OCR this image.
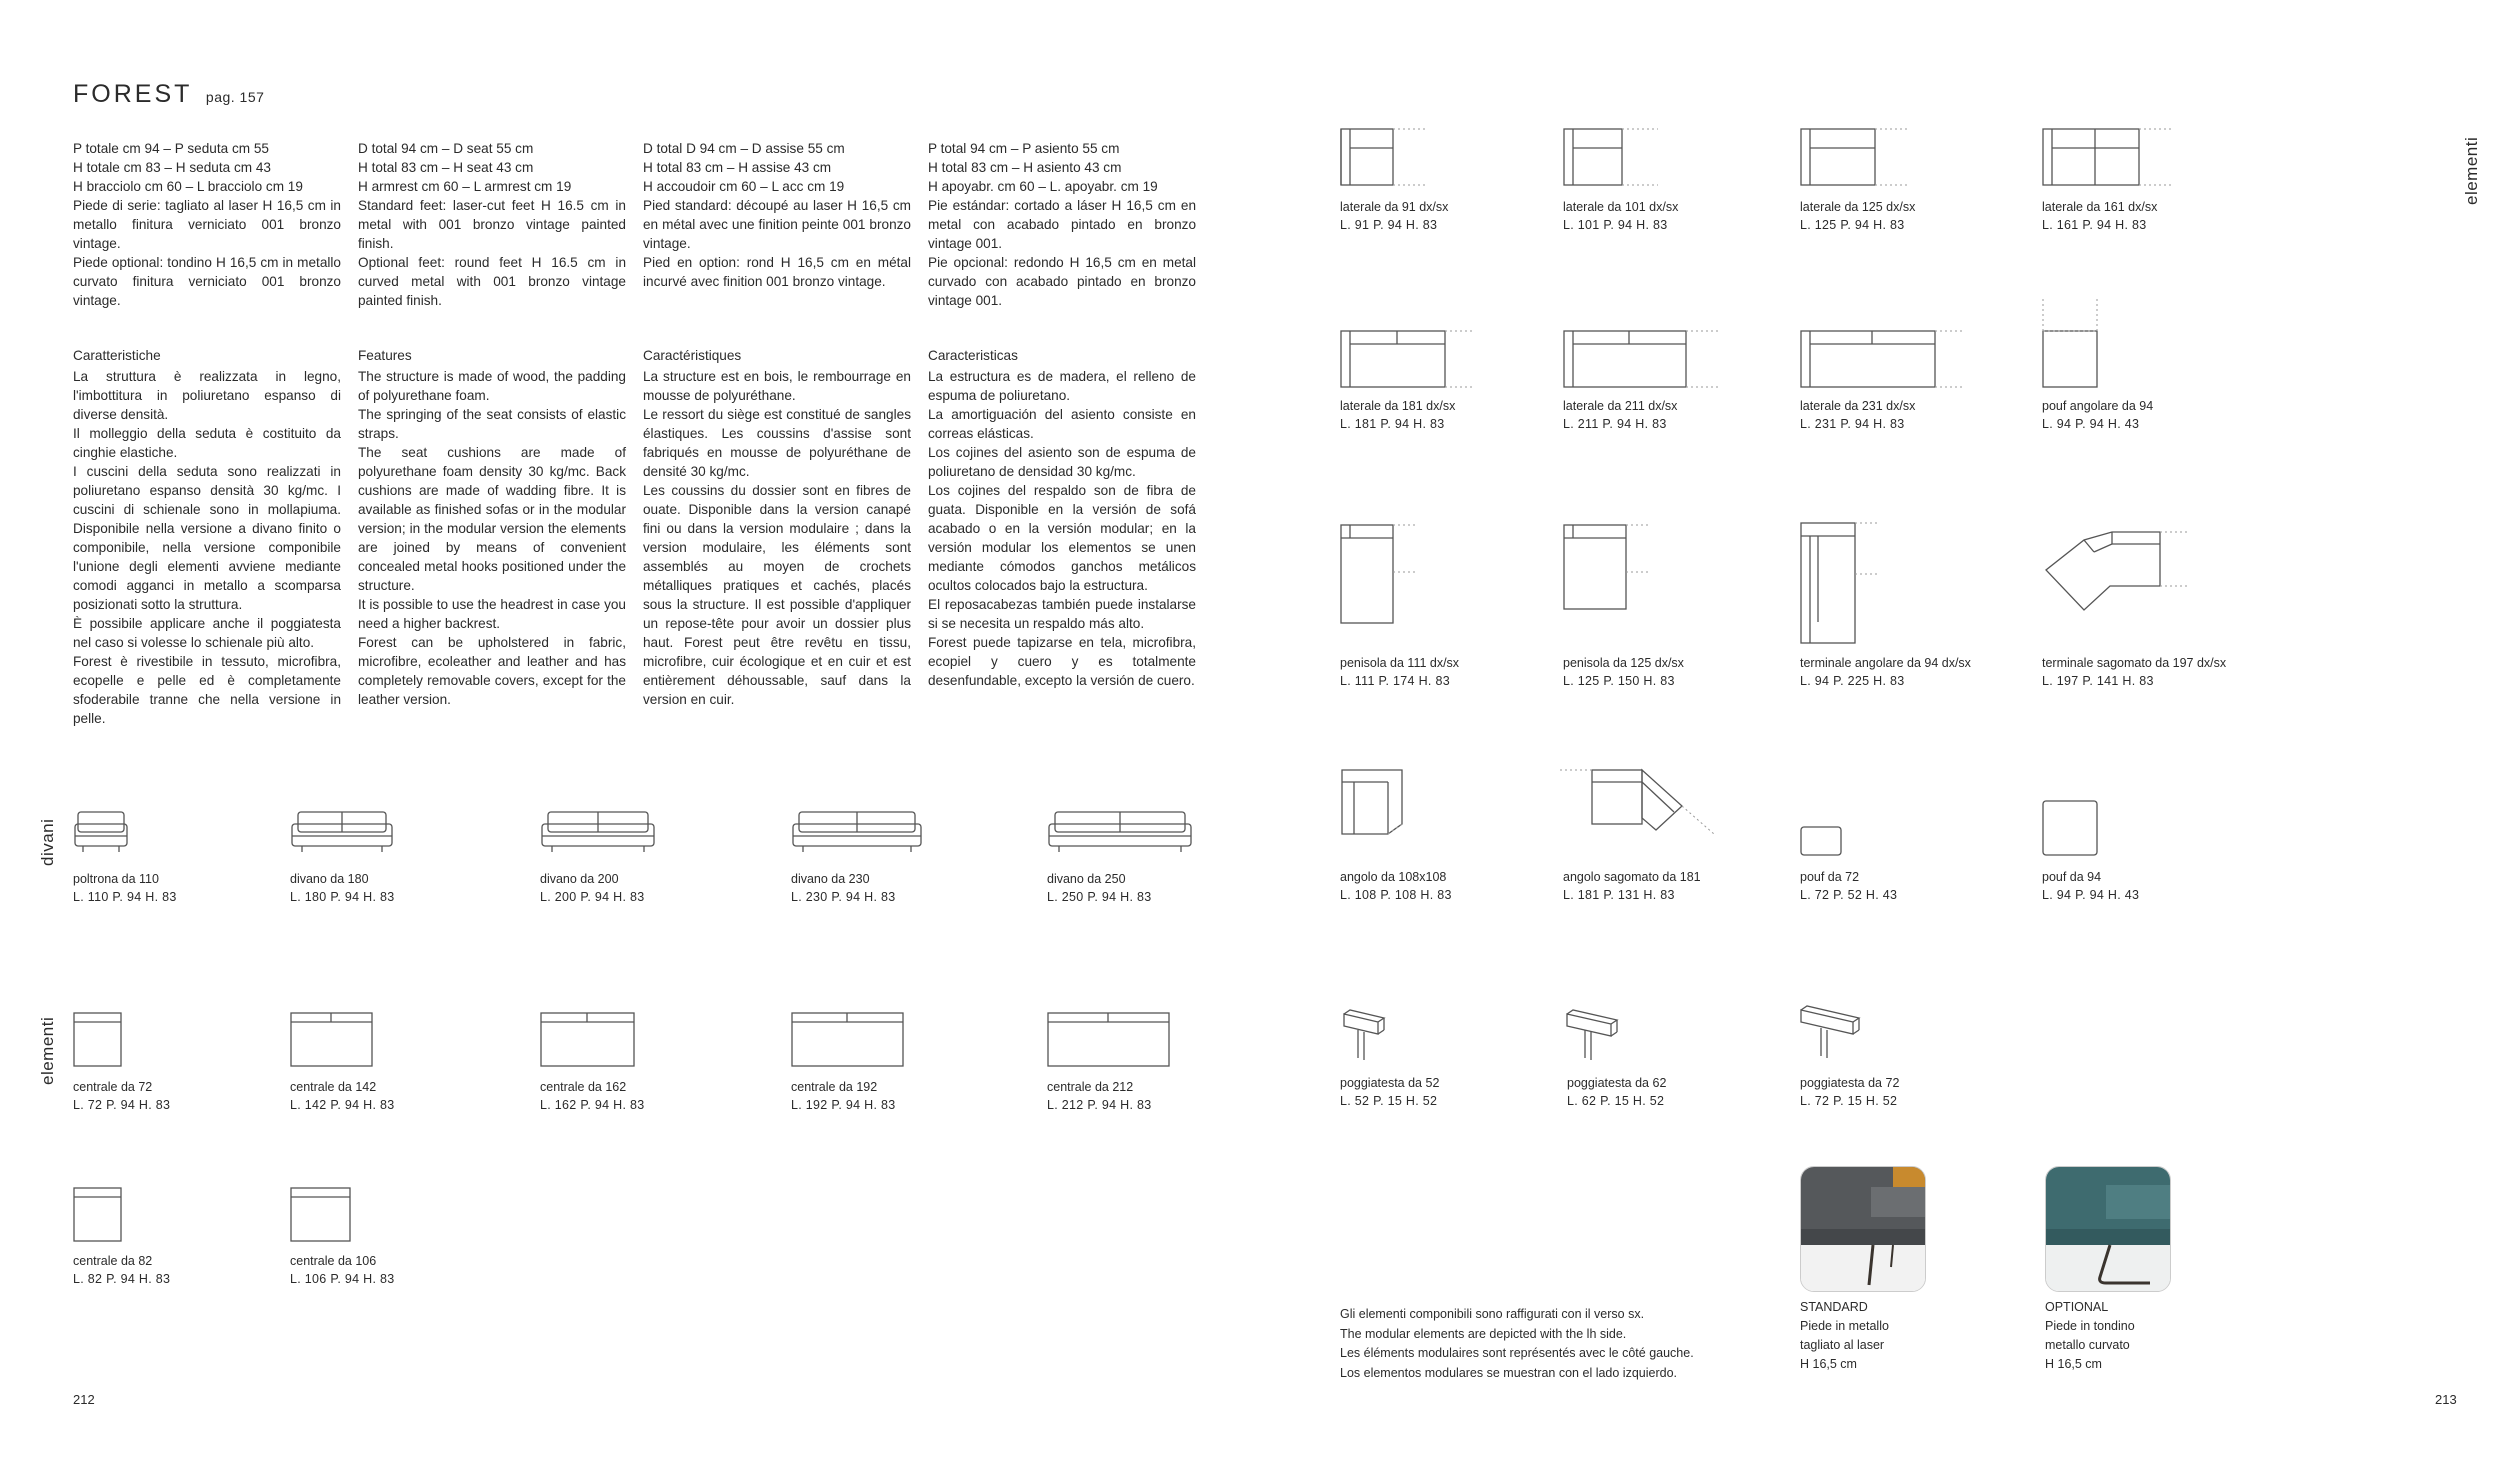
FOREST pag. 157

P totale cm 94 – P seduta cm 55

H totale cm 83 – H seduta cm 43

H bracciolo cm 60 – L bracciolo cm 19

Piede di serie: tagliato al laser H 16,5 cm in metallo finitura verniciato 001 bronzo vintage.

Piede optional: tondino H 16,5 cm in metallo curvato finitura verniciato 001 bronzo vintage.

D total 94 cm – D seat 55 cm

H total 83 cm – H seat 43 cm

H armrest cm 60 – L armrest cm 19

Standard feet: laser-cut feet H 16.5 cm in metal with 001 bronzo vintage painted finish.

Optional feet: round feet H 16.5 cm in curved metal with 001 bronzo vintage painted finish.

D total D 94 cm – D assise 55 cm

H total 83 cm – H assise 43 cm

H accoudoir cm 60 – L acc cm 19

Pied standard: découpé au laser H 16,5 cm en métal avec une finition peinte 001 bronzo vintage.

Pied en option: rond H 16,5 cm en métal incurvé avec finition 001 bronzo vintage.

P total 94 cm – P asiento 55 cm

H total 83 cm – H asiento 43 cm

H apoyabr. cm 60 – L. apoyabr. cm 19

Pie estándar: cortado a láser H 16,5 cm en metal con acabado pintado en bronzo vintage 001.

Pie opcional: redondo H 16,5 cm en metal curvado con acabado pintado en bronzo vintage 001.

Caratteristiche

La struttura è realizzata in legno, l'imbottitura in poliuretano espanso di diverse densità.

Il molleggio della seduta è costituito da cinghie elastiche.

I cuscini della seduta sono realizzati in poliuretano espanso densità 30 kg/mc. I cuscini di schienale sono in mollapiuma. Disponibile nella versione a divano finito o componibile, nella versione componibile l'unione degli elementi avviene mediante comodi agganci in metallo a scomparsa posizionati sotto la struttura.

È possibile applicare anche il poggiatesta nel caso si volesse lo schienale più alto.

Forest è rivestibile in tessuto, microfibra, ecopelle e pelle ed è completamente sfoderabile tranne che nella versione in pelle.

Features

The structure is made of wood, the padding of polyurethane foam.

The springing of the seat consists of elastic straps.

The seat cushions are made of polyurethane foam density 30 kg/mc. Back cushions are made of wadding fibre. It is available as finished sofas or in the modular version; in the modular version the elements are joined by means of convenient concealed metal hooks positioned under the structure.

It is possible to use the headrest in case you need a higher backrest.

Forest can be upholstered in fabric, microfibre, ecoleather and leather and has completely removable covers, except for the leather version.

Caractéristiques

La structure est en bois, le rembourrage en mousse de polyuréthane.

Le ressort du siège est constitué de sangles élastiques. Les coussins d'assise sont fabriqués en mousse de polyuréthane de densité 30 kg/mc.

Les coussins du dossier sont en fibres de ouate. Disponible dans la version canapé fini ou dans la version modulaire ; dans la version modulaire, les éléments sont assemblés au moyen de crochets métalliques pratiques et cachés, placés sous la structure. Il est possible d'appliquer un repose-tête pour avoir un dossier plus haut. Forest peut être revêtu en tissu, microfibre, cuir écologique et en cuir et est entièrement déhoussable, sauf dans la version en cuir.

Caracteristicas

La estructura es de madera, el relleno de espuma de poliuretano.

La amortiguación del asiento consiste en correas elásticas.

Los cojines del asiento son de espuma de poliuretano de densidad 30 kg/mc.

Los cojines del respaldo son de fibra de guata. Disponible en la versión de sofá acabado o en la versión modular; en la versión modular los elementos se unen mediante cómodos ganchos metálicos ocultos colocados bajo la estructura.

El reposacabezas también puede instalarse si se necesita un respaldo más alto.

Forest puede tapizarse en tela, microfibra, ecopiel y cuero y es totalmente desenfundable, excepto la versión de cuero.

divani
elementi
elementi
poltrona da 110
L. 110 P. 94 H. 83
divano da 180
L. 180 P. 94 H. 83
divano da 200
L. 200 P. 94 H. 83
divano da 230
L. 230 P. 94 H. 83
divano da 250
L. 250 P. 94 H. 83
centrale da 72
L. 72 P. 94 H. 83
centrale da 142
L. 142 P. 94 H. 83
centrale da 162
L. 162 P. 94 H. 83
centrale da 192
L. 192 P. 94 H. 83
centrale da 212
L. 212 P. 94 H. 83
centrale da 82
L. 82 P. 94 H. 83
centrale da 106
L. 106 P. 94 H. 83
laterale da 91 dx/sx
L. 91 P. 94 H. 83
laterale da 101 dx/sx
L. 101 P. 94 H. 83
laterale da 125 dx/sx
L. 125 P. 94 H. 83
laterale da 161 dx/sx
L. 161 P. 94 H. 83
laterale da 181 dx/sx
L. 181 P. 94 H. 83
laterale da 211 dx/sx
L. 211 P. 94 H. 83
laterale da 231 dx/sx
L. 231 P. 94 H. 83
pouf angolare da 94
L. 94 P. 94 H. 43
penisola da 111 dx/sx
L. 111 P. 174 H. 83
penisola da 125 dx/sx
L. 125 P. 150 H. 83
terminale angolare da 94 dx/sx
L. 94 P. 225 H. 83
terminale sagomato da 197 dx/sx
L. 197 P. 141 H. 83
angolo da 108x108
L. 108 P. 108 H. 83
angolo sagomato da 181
L. 181 P. 131 H. 83
pouf da 72
L. 72 P. 52 H. 43
pouf da 94
L. 94 P. 94 H. 43
poggiatesta da 52
L. 52 P. 15 H. 52
poggiatesta da 62
L. 62 P. 15 H. 52
poggiatesta da 72
L. 72 P. 15 H. 52
STANDARD
Piede in metallo
tagliato al laser
H 16,5 cm
OPTIONAL
Piede in tondino
metallo curvato
H 16,5 cm
Gli elementi componibili sono raffigurati con il verso sx.
The modular elements are depicted with the lh side.
Les éléments modulaires sont représentés avec le côté gauche.
Los elementos modulares se muestran con el lado izquierdo.
212	213
